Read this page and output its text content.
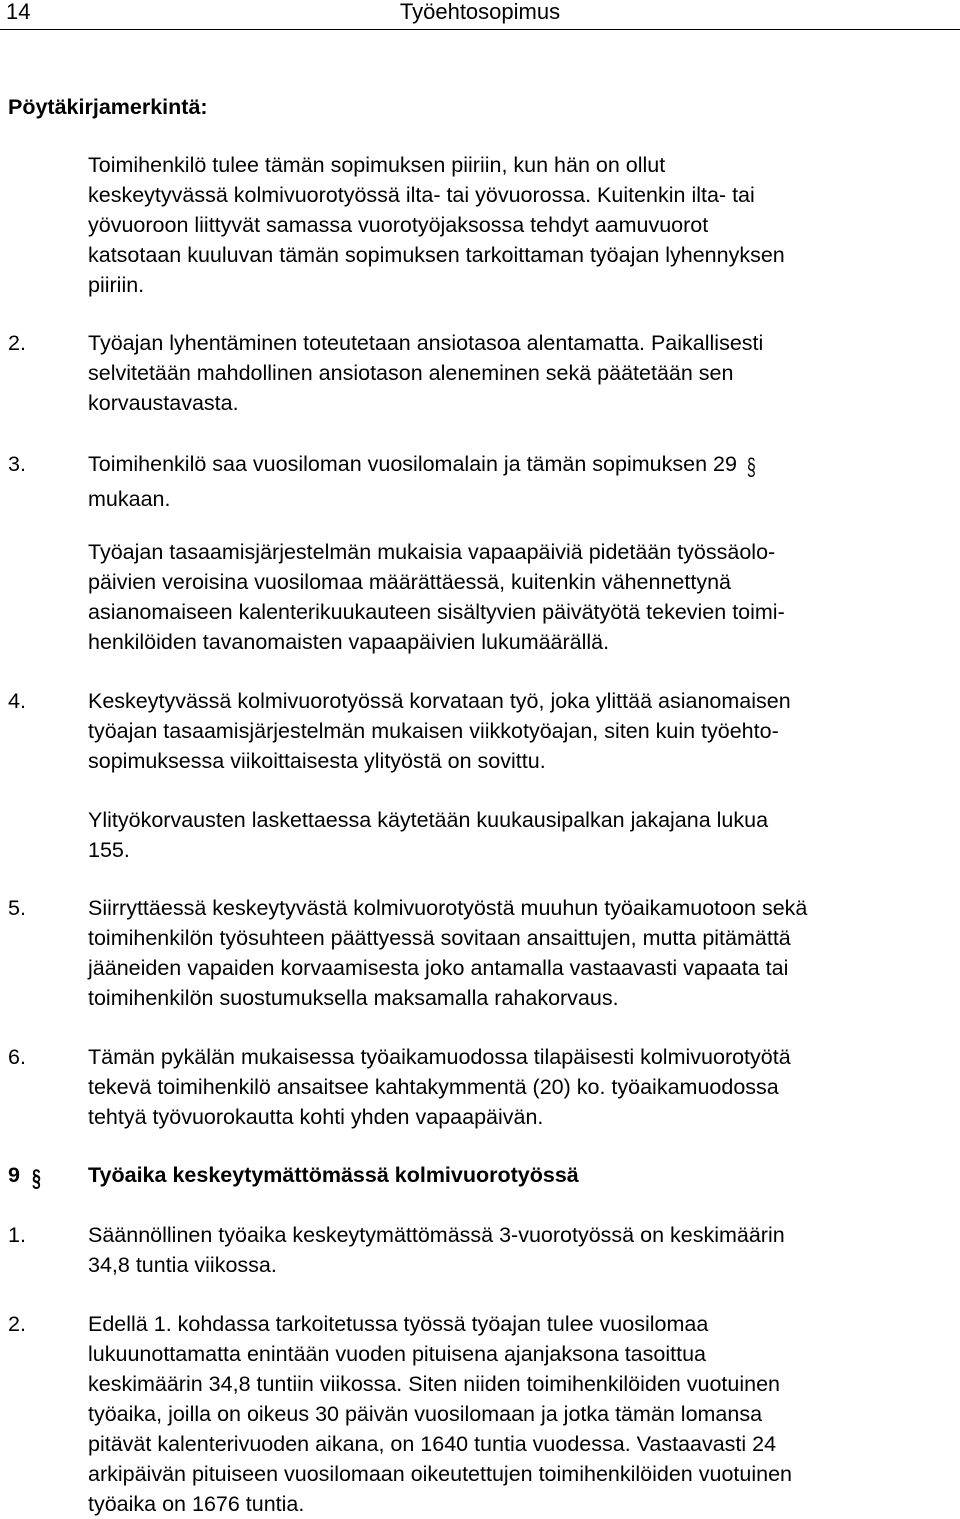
14	Työehtosopimus
Pöytäkirjamerkintä:
Toimihenkilö tulee tämän sopimuksen piiriin, kun hän on ollut
keskeytyvässä kolmivuorotyössä ilta- tai yövuorossa. Kuitenkin ilta- tai
yövuoroon liittyvät samassa vuorotyöjaksossa tehdyt aamuvuorot
katsotaan kuuluvan tämän sopimuksen tarkoittaman työajan lyhennyksen
piiriin.
2.	Työajan lyhentäminen toteutetaan ansiotasoa alentamatta. Paikallisesti
selvitetään mahdollinen ansiotason aleneminen sekä päätetään sen
korvaustavasta.
3.	Toimihenkilö saa vuosiloman vuosilomalain ja tämän sopimuksen 29 §
mukaan.
Työajan tasaamisjärjestelmän mukaisia vapaapäiviä pidetään työssäolo-
päivien veroisina vuosilomaa määrättäessä, kuitenkin vähennettynä
asianomaiseen kalenterikuukauteen sisältyvien päivätyötä tekevien toimi-
henkilöiden tavanomaisten vapaapäivien lukumäärällä.
4.	Keskeytyvässä kolmivuorotyössä korvataan työ, joka ylittää asianomaisen
työajan tasaamisjärjestelmän mukaisen viikkotyöajan, siten kuin työehto-
sopimuksessa viikoittaisesta ylityöstä on sovittu.
Ylityökorvausten laskettaessa käytetään kuukausipalkan jakajana lukua
155.
5.	Siirryttäessä keskeytyvästä kolmivuorotyöstä muuhun työaikamuotoon sekä
toimihenkilön työsuhteen päättyessä sovitaan ansaittujen, mutta pitämättä
jääneiden vapaiden korvaamisesta joko antamalla vastaavasti vapaata tai
toimihenkilön suostumuksella maksamalla rahakorvaus.
6.	Tämän pykälän mukaisessa työaikamuodossa tilapäisesti kolmivuorotyötä
tekevä toimihenkilö ansaitsee kahtakymmentä (20) ko. työaikamuodossa
tehtyä työvuorokautta kohti yhden vapaapäivän.
9 § Työaika keskeytymättömässä kolmivuorotyössä
1.	Säännöllinen työaika keskeytymättömässä 3-vuorotyössä on keskimäärin
34,8 tuntia viikossa.
2.	Edellä 1. kohdassa tarkoitetussa työssä työajan tulee vuosilomaa
lukuunottamatta enintään vuoden pituisena ajanjaksona tasoittua
keskimäärin 34,8 tuntiin viikossa. Siten niiden toimihenkilöiden vuotuinen
työaika, joilla on oikeus 30 päivän vuosilomaan ja jotka tämän lomansa
pitävät kalenterivuoden aikana, on 1640 tuntia vuodessa. Vastaavasti 24
arkipäivän pituiseen vuosilomaan oikeutettujen toimihenkilöiden vuotuinen
työaika on 1676 tuntia.
